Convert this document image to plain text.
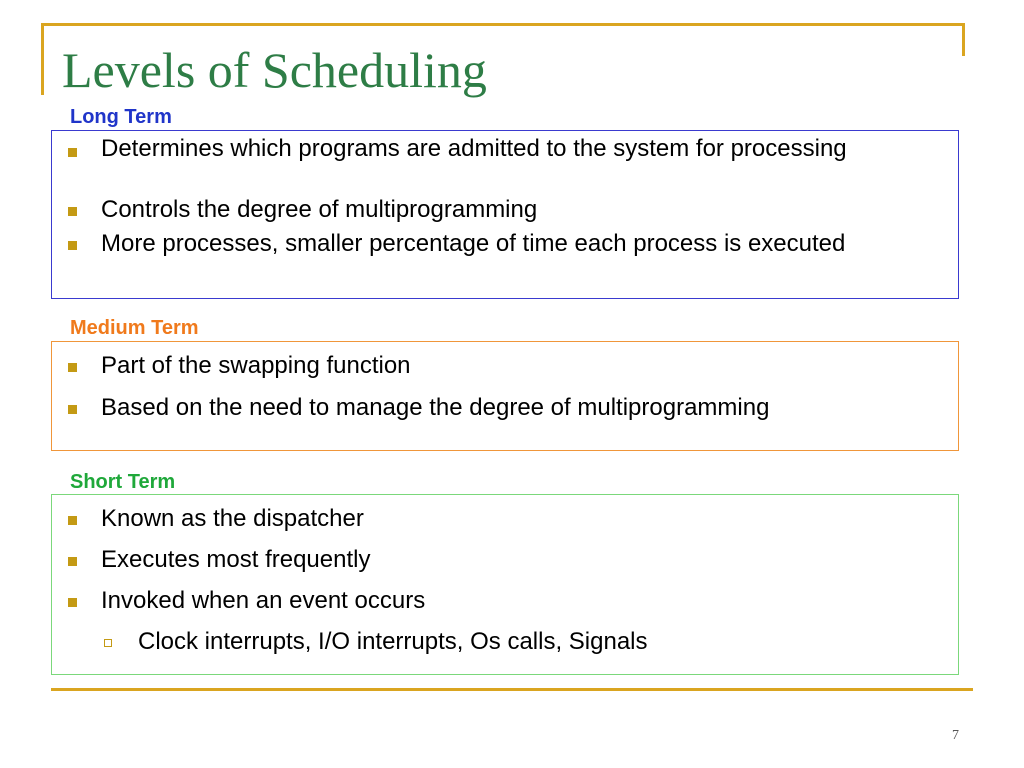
Levels of Scheduling
Long Term
Determines which programs are admitted to the system for processing
Controls the degree of multiprogramming
More processes, smaller percentage of time each process is executed
Medium Term
Part of the swapping function
Based on the need to manage the degree of multiprogramming
Short Term
Known as the dispatcher
Executes most frequently
Invoked when an event occurs
Clock interrupts, I/O interrupts, Os calls, Signals
7
